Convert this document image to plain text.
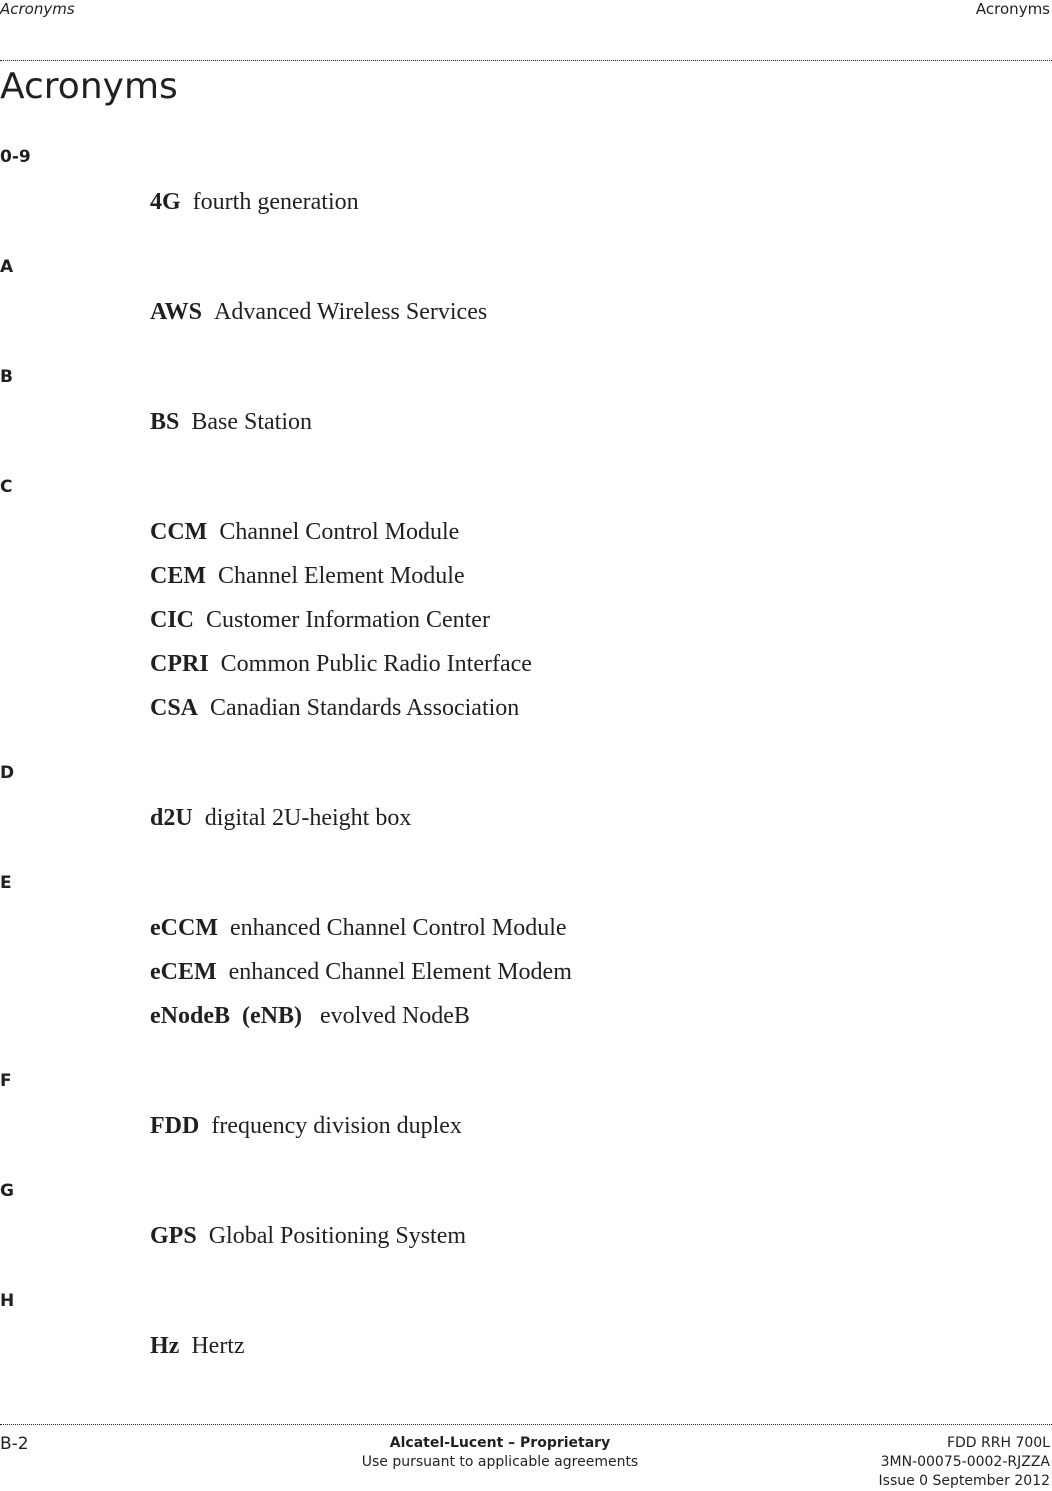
Acronyms	Acronyms
Acronyms
0-9
4G fourth generation
A
AWS Advanced Wireless Services
B
BS Base Station
C
CCM Channel Control Module
CEM Channel Element Module
CIC Customer Information Center
CPRI Common Public Radio Interface
CSA Canadian Standards Association
D
d2U digital 2U-height box
E
eCCM enhanced Channel Control Module
eCEM enhanced Channel Element Modem
eNodeB  (eNB) evolved NodeB
F
FDD frequency division duplex
G
GPS Global Positioning System
H
Hz Hertz
B-2	Alcatel-Lucent – Proprietary
Use pursuant to applicable agreements
FDD RRH 700L
3MN-00075-0002-RJZZA
Issue 0 September 2012
